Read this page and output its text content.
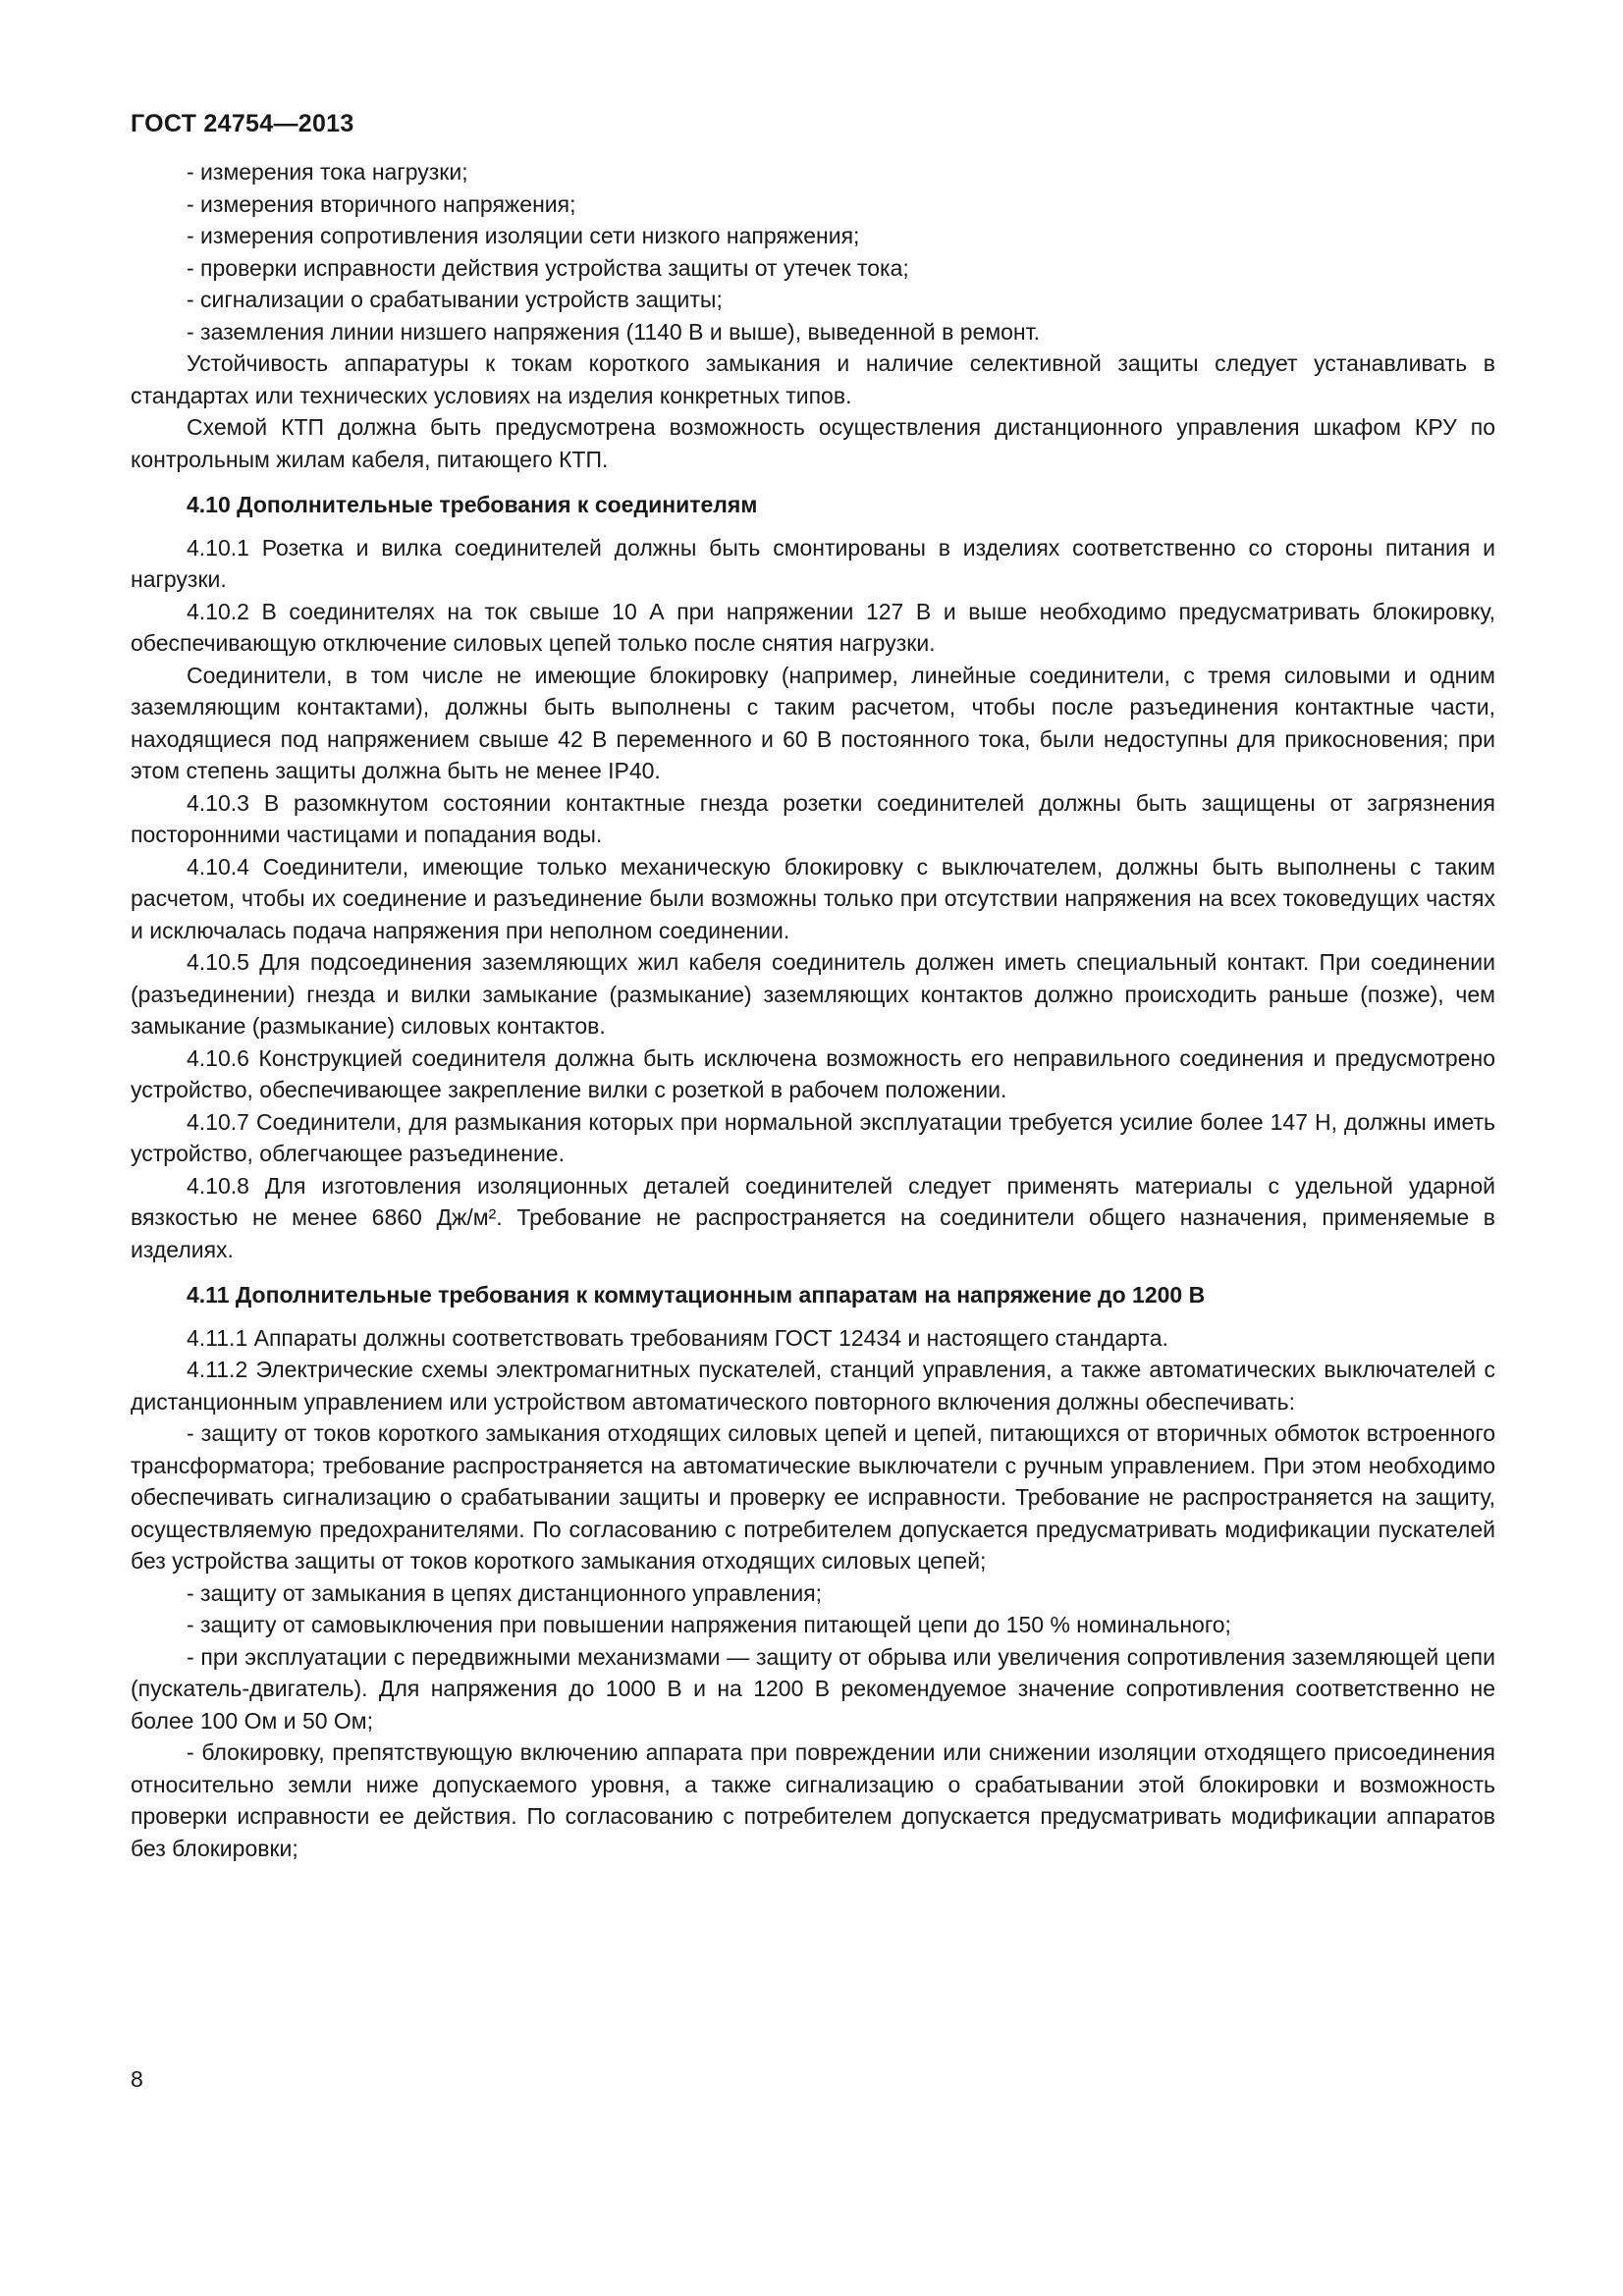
ГОСТ 24754—2013

- измерения тока нагрузки;

- измерения вторичного напряжения;

- измерения сопротивления изоляции сети низкого напряжения;

- проверки исправности действия устройства защиты от утечек тока;

- сигнализации о срабатывании устройств защиты;

- заземления линии низшего напряжения (1140 В и выше), выведенной в ремонт.

Устойчивость аппаратуры к токам короткого замыкания и наличие селективной защиты следует устанавливать в стандартах или технических условиях на изделия конкретных типов.

Схемой КТП должна быть предусмотрена возможность осуществления дистанционного управления шкафом КРУ по контрольным жилам кабеля, питающего КТП.

4.10 Дополнительные требования к соединителям

4.10.1 Розетка и вилка соединителей должны быть смонтированы в изделиях соответственно со стороны питания и нагрузки.

4.10.2 В соединителях на ток свыше 10 А при напряжении 127 В и выше необходимо предусматривать блокировку, обеспечивающую отключение силовых цепей только после снятия нагрузки.

Соединители, в том числе не имеющие блокировку (например, линейные соединители, с тремя силовыми и одним заземляющим контактами), должны быть выполнены с таким расчетом, чтобы после разъединения контактные части, находящиеся под напряжением свыше 42 В переменного и 60 В постоянного тока, были недоступны для прикосновения; при этом степень защиты должна быть не менее IP40.

4.10.3 В разомкнутом состоянии контактные гнезда розетки соединителей должны быть защищены от загрязнения посторонними частицами и попадания воды.

4.10.4 Соединители, имеющие только механическую блокировку с выключателем, должны быть выполнены с таким расчетом, чтобы их соединение и разъединение были возможны только при отсутствии напряжения на всех токоведущих частях и исключалась подача напряжения при неполном соединении.

4.10.5 Для подсоединения заземляющих жил кабеля соединитель должен иметь специальный контакт. При соединении (разъединении) гнезда и вилки замыкание (размыкание) заземляющих контактов должно происходить раньше (позже), чем замыкание (размыкание) силовых контактов.

4.10.6 Конструкцией соединителя должна быть исключена возможность его неправильного соединения и предусмотрено устройство, обеспечивающее закрепление вилки с розеткой в рабочем положении.

4.10.7 Соединители, для размыкания которых при нормальной эксплуатации требуется усилие более 147 Н, должны иметь устройство, облегчающее разъединение.

4.10.8 Для изготовления изоляционных деталей соединителей следует применять материалы с удельной ударной вязкостью не менее 6860 Дж/м². Требование не распространяется на соединители общего назначения, применяемые в изделиях.

4.11 Дополнительные требования к коммутационным аппаратам на напряжение до 1200 В

4.11.1 Аппараты должны соответствовать требованиям ГОСТ 12434 и настоящего стандарта.

4.11.2 Электрические схемы электромагнитных пускателей, станций управления, а также автоматических выключателей с дистанционным управлением или устройством автоматического повторного включения должны обеспечивать:

- защиту от токов короткого замыкания отходящих силовых цепей и цепей, питающихся от вторичных обмоток встроенного трансформатора; требование распространяется на автоматические выключатели с ручным управлением. При этом необходимо обеспечивать сигнализацию о срабатывании защиты и проверку ее исправности. Требование не распространяется на защиту, осуществляемую предохранителями. По согласованию с потребителем допускается предусматривать модификации пускателей без устройства защиты от токов короткого замыкания отходящих силовых цепей;

- защиту от замыкания в цепях дистанционного управления;

- защиту от самовыключения при повышении напряжения питающей цепи до 150 % номинального;

- при эксплуатации с передвижными механизмами — защиту от обрыва или увеличения сопротивления заземляющей цепи (пускатель-двигатель). Для напряжения до 1000 В и на 1200 В рекомендуемое значение сопротивления соответственно не более 100 Ом и 50 Ом;

- блокировку, препятствующую включению аппарата при повреждении или снижении изоляции отходящего присоединения относительно земли ниже допускаемого уровня, а также сигнализацию о срабатывании этой блокировки и возможность проверки исправности ее действия. По согласованию с потребителем допускается предусматривать модификации аппаратов без блокировки;

8
